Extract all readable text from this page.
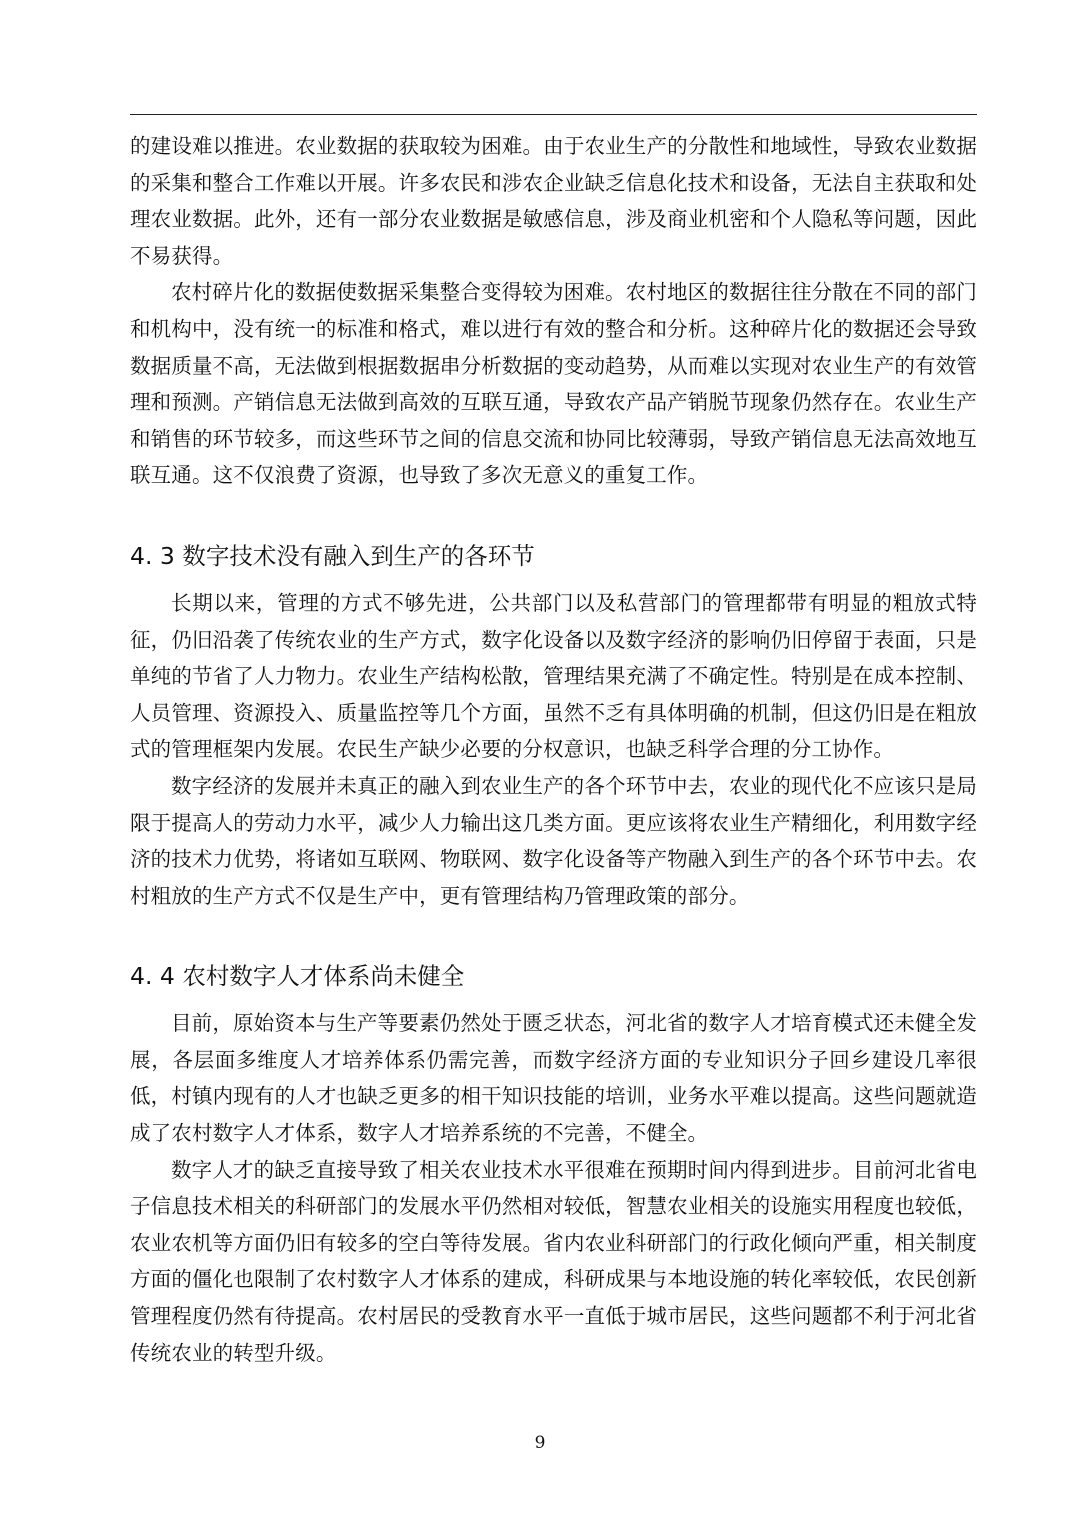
的建设难以推进。农业数据的获取较为困难。由于农业生产的分散性和地域性，导致农业数据的采集和整合工作难以开展。许多农民和涉农企业缺乏信息化技术和设备，无法自主获取和处理农业数据。此外，还有一部分农业数据是敏感信息，涉及商业机密和个人隐私等问题，因此不易获得。

农村碎片化的数据使数据采集整合变得较为困难。农村地区的数据往往分散在不同的部门和机构中，没有统一的标准和格式，难以进行有效的整合和分析。这种碎片化的数据还会导致数据质量不高，无法做到根据数据串分析数据的变动趋势，从而难以实现对农业生产的有效管理和预测。产销信息无法做到高效的互联互通，导致农产品产销脱节现象仍然存在。农业生产和销售的环节较多，而这些环节之间的信息交流和协同比较薄弱，导致产销信息无法高效地互联互通。这不仅浪费了资源，也导致了多次无意义的重复工作。

4. 3 数字技术没有融入到生产的各环节

长期以来，管理的方式不够先进，公共部门以及私营部门的管理都带有明显的粗放式特征，仍旧沿袭了传统农业的生产方式，数字化设备以及数字经济的影响仍旧停留于表面，只是单纯的节省了人力物力。农业生产结构松散，管理结果充满了不确定性。特别是在成本控制、人员管理、资源投入、质量监控等几个方面，虽然不乏有具体明确的机制，但这仍旧是在粗放式的管理框架内发展。农民生产缺少必要的分权意识，也缺乏科学合理的分工协作。

数字经济的发展并未真正的融入到农业生产的各个环节中去，农业的现代化不应该只是局限于提高人的劳动力水平，减少人力输出这几类方面。更应该将农业生产精细化，利用数字经济的技术力优势，将诸如互联网、物联网、数字化设备等产物融入到生产的各个环节中去。农村粗放的生产方式不仅是生产中，更有管理结构乃管理政策的部分。

4. 4 农村数字人才体系尚未健全

目前，原始资本与生产等要素仍然处于匮乏状态，河北省的数字人才培育模式还未健全发展，各层面多维度人才培养体系仍需完善，而数字经济方面的专业知识分子回乡建设几率很低，村镇内现有的人才也缺乏更多的相干知识技能的培训，业务水平难以提高。这些问题就造成了农村数字人才体系，数字人才培养系统的不完善，不健全。

数字人才的缺乏直接导致了相关农业技术水平很难在预期时间内得到进步。目前河北省电子信息技术相关的科研部门的发展水平仍然相对较低，智慧农业相关的设施实用程度也较低，农业农机等方面仍旧有较多的空白等待发展。省内农业科研部门的行政化倾向严重，相关制度方面的僵化也限制了农村数字人才体系的建成，科研成果与本地设施的转化率较低，农民创新管理程度仍然有待提高。农村居民的受教育水平一直低于城市居民，这些问题都不利于河北省传统农业的转型升级。

9
